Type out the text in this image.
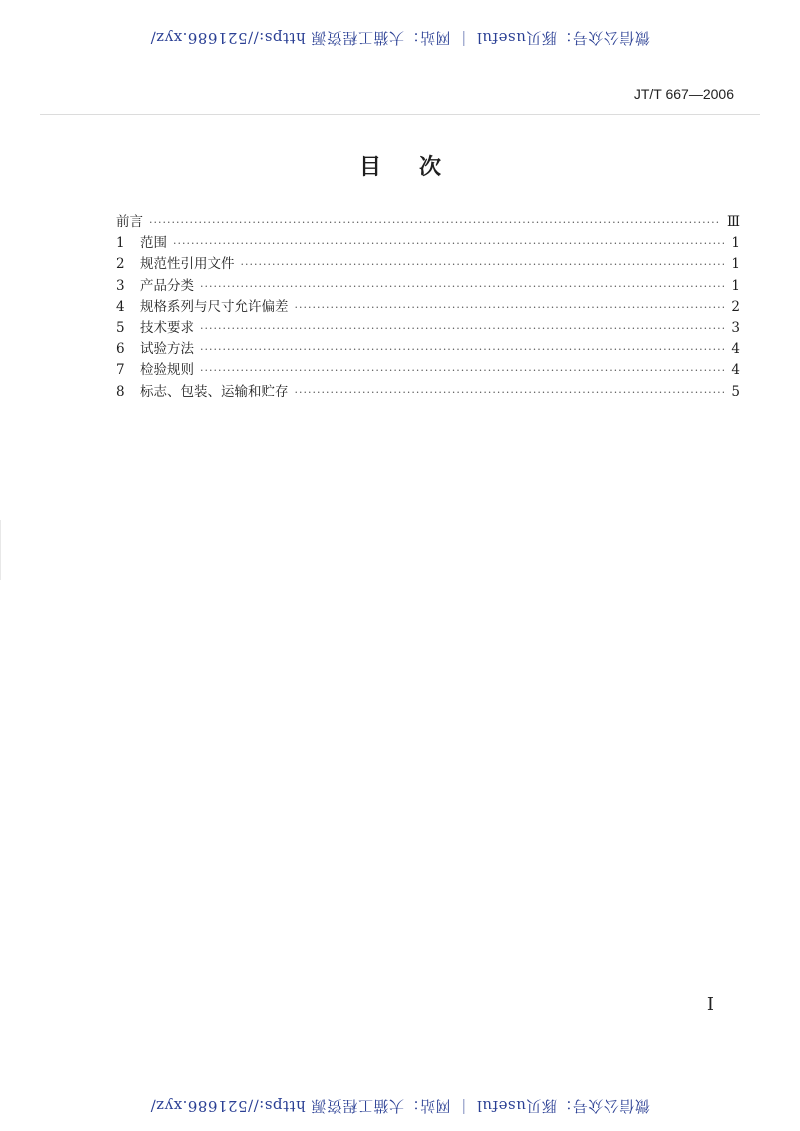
微信公众号：豚贝useful ｜ 网站：大猫工程资源 https://521686.xyz/
JT/T 667—2006
目次
前言 ·····	Ⅲ
1	范围 ·····	1
2	规范性引用文件 ·····	1
3	产品分类 ·····	1
4	规格系列与尺寸允许偏差 ·····	2
5	技术要求 ·····	3
6	试验方法 ·····	4
7	检验规则 ·····	4
8	标志、包装、运输和贮存 ·····	5
I
微信公众号：豚贝useful ｜ 网站：大猫工程资源 https://521686.xyz/
